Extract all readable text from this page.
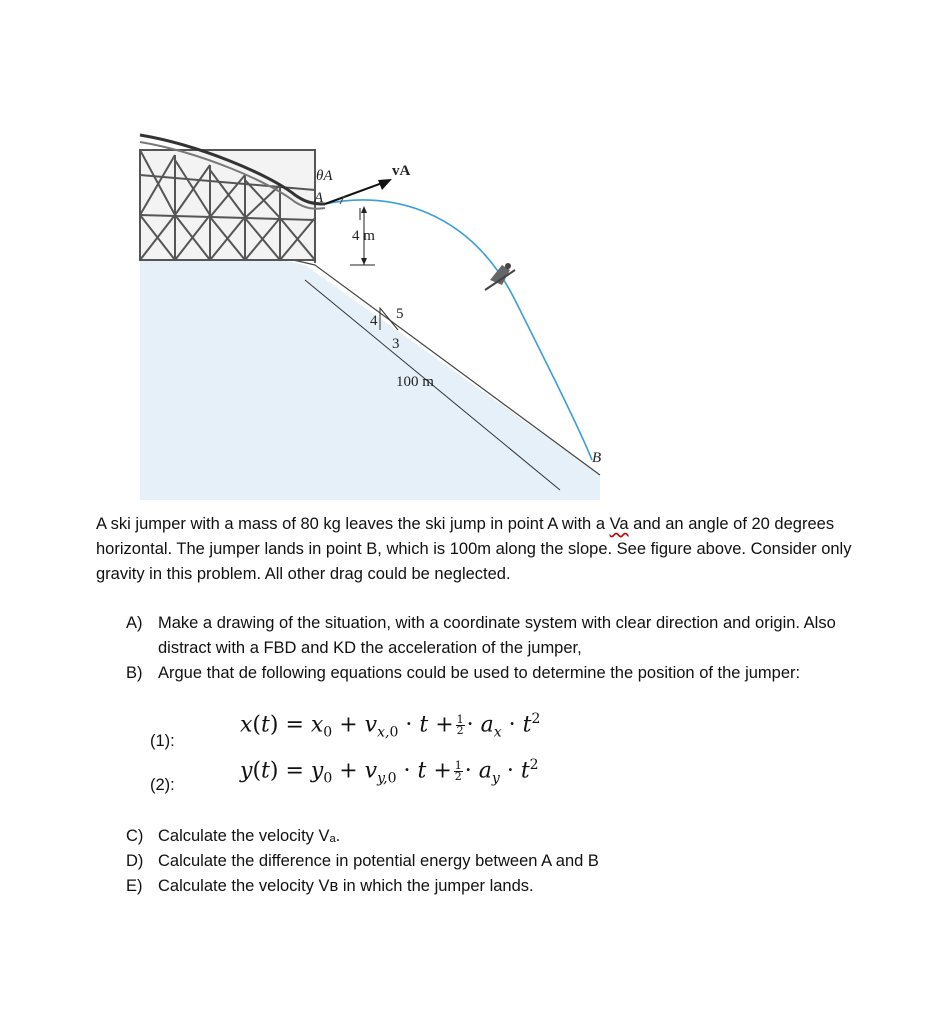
θA	vA
A
4 m
5
4
3
100 m
B
A ski jumper with a mass of 80 kg leaves the ski jump in point A with a Va and an angle of 20 degrees horizontal. The jumper lands in point B, which is 100m along the slope. See figure above. Consider only gravity in this problem. All other drag could be neglected.
A) Make a drawing of the situation, with a coordinate system with clear direction and origin. Also distract with a FBD and KD the acceleration of the jumper,
B) Argue that de following equations could be used to determine the position of the jumper:
(1):
$x(t) = x_0 + v_{x,0} \cdot t + \frac{1}{2} \cdot a_x \cdot t^2$
(2):
$y(t) = y_0 + v_{y,0} \cdot t + \frac{1}{2} \cdot a_y \cdot t^2$
C) Calculate the velocity Vₐ.
D) Calculate the difference in potential energy between A and B
E) Calculate the velocity Vʙ in which the jumper lands.
